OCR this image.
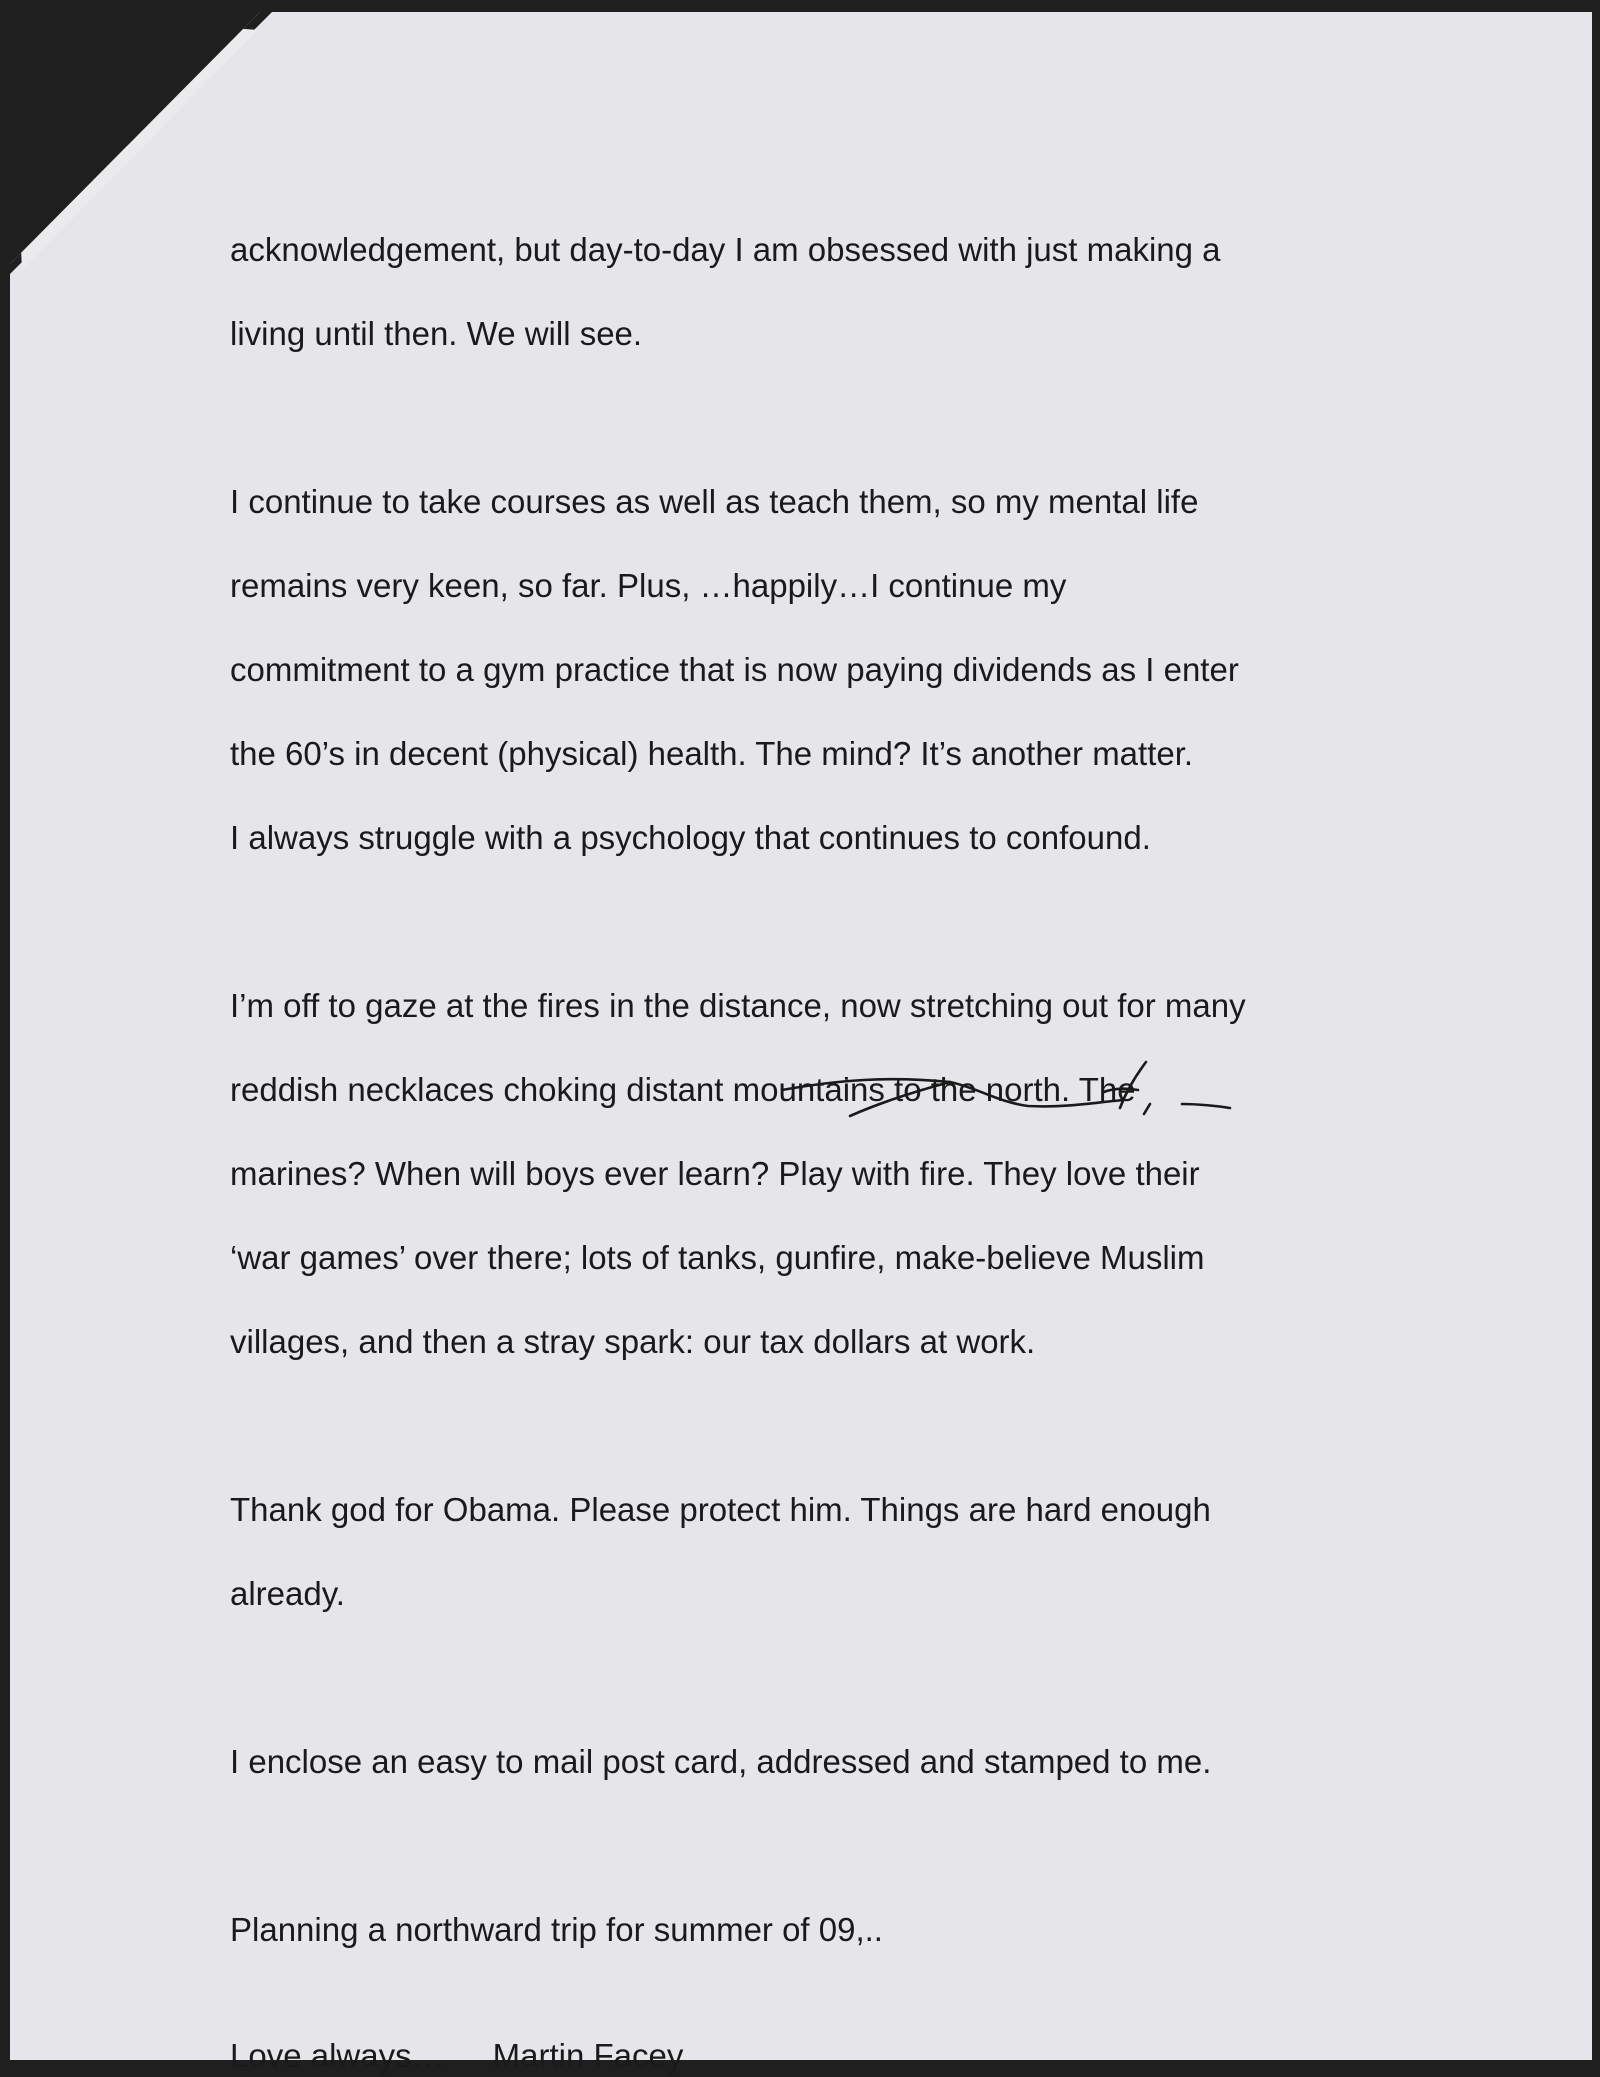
acknowledgement, but day-to-day I am obsessed with just making a

living until then. We will see.

I continue to take courses as well as teach them, so my mental life

remains very keen, so far. Plus, …happily…I continue my

commitment to a gym practice that is now paying dividends as I enter

the 60’s in decent (physical) health. The mind? It’s another matter.

I always struggle with a psychology that continues to confound.

I’m off to gaze at the fires in the distance, now stretching out for many

reddish necklaces choking distant mountains to the north. The

marines? When will boys ever learn? Play with fire. They love their

‘war games’ over there; lots of tanks, gunfire, make-believe Muslim

villages, and then a stray spark: our tax dollars at work.

Thank god for Obama. Please protect him. Things are hard enough

already.

I enclose an easy to mail post card, addressed and stamped to me.

Planning a northward trip for summer of 09,..

Love always… Martin Facey
